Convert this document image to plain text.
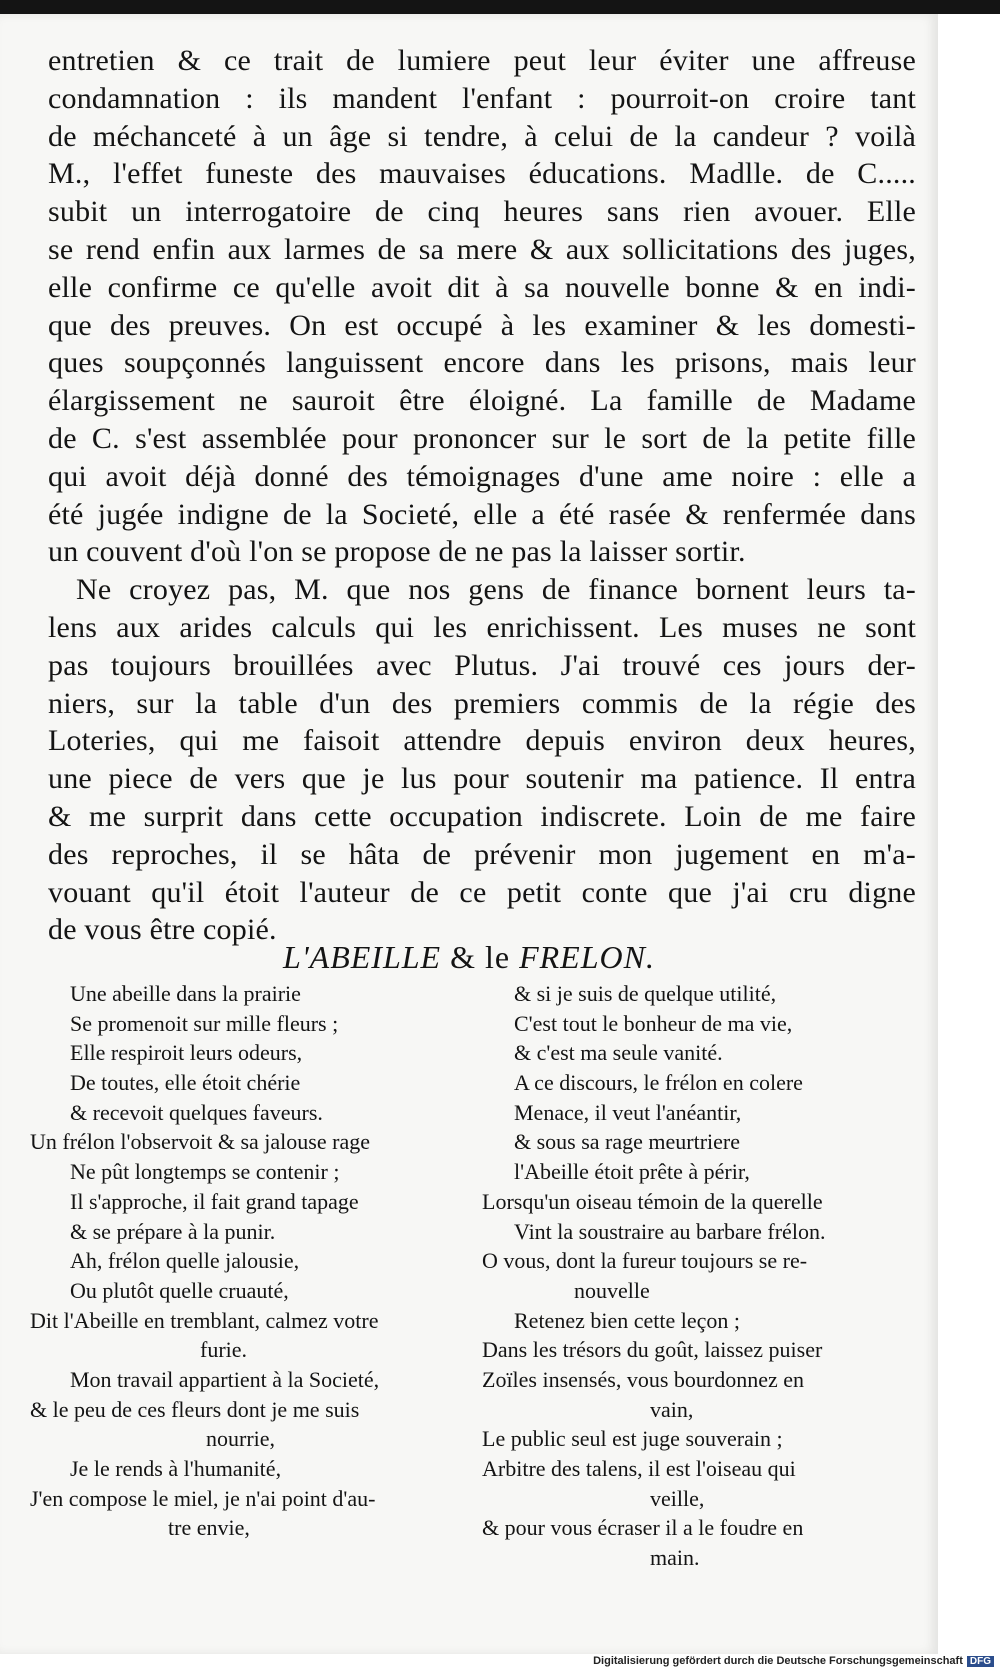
entretien & ce trait de lumiere peut leur éviter une affreuse
condamnation : ils mandent l'enfant : pourroit-on croire tant
de méchanceté à un âge si tendre, à celui de la candeur ? voilà
M., l'effet funeste des mauvaises éducations. Madlle. de C.....
subit un interrogatoire de cinq heures sans rien avouer. Elle
se rend enfin aux larmes de sa mere & aux sollicitations des juges,
elle confirme ce qu'elle avoit dit à sa nouvelle bonne & en indi-
que des preuves. On est occupé à les examiner & les domesti-
ques soupçonnés languissent encore dans les prisons, mais leur
élargissement ne sauroit être éloigné. La famille de Madame
de C. s'est assemblée pour prononcer sur le sort de la petite fille
qui avoit déjà donné des témoignages d'une ame noire : elle a
été jugée indigne de la Societé, elle a été rasée & renfermée dans
un couvent d'où l'on se propose de ne pas la laisser sortir.
Ne croyez pas, M. que nos gens de finance bornent leurs ta-
lens aux arides calculs qui les enrichissent. Les muses ne sont
pas toujours brouillées avec Plutus. J'ai trouvé ces jours der-
niers, sur la table d'un des premiers commis de la régie des
Loteries, qui me faisoit attendre depuis environ deux heures,
une piece de vers que je lus pour soutenir ma patience. Il entra
& me surprit dans cette occupation indiscrete. Loin de me faire
des reproches, il se hâta de prévenir mon jugement en m'a-
vouant qu'il étoit l'auteur de ce petit conte que j'ai cru digne
de vous être copié.
L'ABEILLE & le FRELON.
Une abeille dans la prairie
Se promenoit sur mille fleurs ;
Elle respiroit leurs odeurs,
De toutes, elle étoit chérie
& recevoit quelques faveurs.
Un frélon l'observoit & sa jalouse rage
Ne pût longtemps se contenir ;
Il s'approche, il fait grand tapage
& se prépare à la punir.
Ah, frélon quelle jalousie,
Ou plutôt quelle cruauté,
Dit l'Abeille en tremblant, calmez votre
furie.
Mon travail appartient à la Societé,
& le peu de ces fleurs dont je me suis
nourrie,
Je le rends à l'humanité,
J'en compose le miel, je n'ai point d'au-
tre envie,
& si je suis de quelque utilité,
C'est tout le bonheur de ma vie,
& c'est ma seule vanité.
A ce discours, le frélon en colere
Menace, il veut l'anéantir,
& sous sa rage meurtriere
l'Abeille étoit prête à périr,
Lorsqu'un oiseau témoin de la querelle
Vint la soustraire au barbare frélon.
O vous, dont la fureur toujours se re-
nouvelle
Retenez bien cette leçon ;
Dans les trésors du goût, laissez puiser
Zoïles insensés, vous bourdonnez en
vain,
Le public seul est juge souverain ;
Arbitre des talens, il est l'oiseau qui
veille,
& pour vous écraser il a le foudre en
main.
Digitalisierung gefördert durch die Deutsche Forschungsgemeinschaft DFG
